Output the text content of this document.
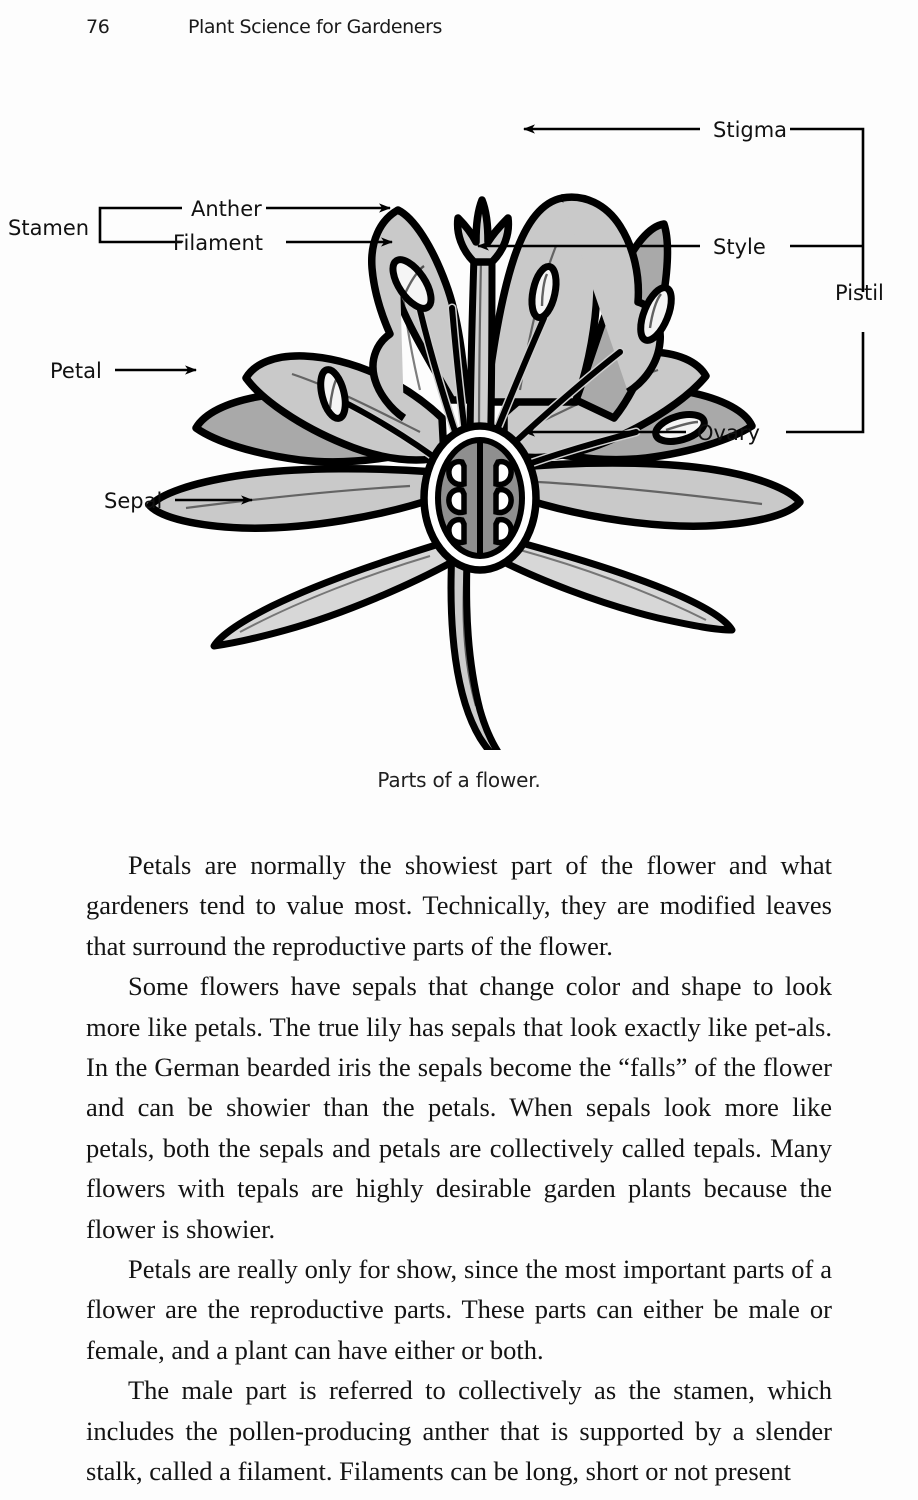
76	Plant Science for Gardeners
Stamen
Anther
Filament
Stigma
Style
Ovary
Pistil
Petal
Sepal
Parts of a flower.

Petals are normally the showiest part of the flower and what gardeners tend to value most. Technically, they are modified leaves that surround the reproductive parts of the flower.

Some flowers have sepals that change color and shape to look more like petals. The true lily has sepals that look exactly like pet-als. In the German bearded iris the sepals become the “falls” of the flower and can be showier than the petals. When sepals look more like petals, both the sepals and petals are collectively called tepals. Many flowers with tepals are highly desirable garden plants because the flower is showier.

Petals are really only for show, since the most important parts of a flower are the reproductive parts. These parts can either be male or female, and a plant can have either or both.

The male part is referred to collectively as the stamen, which includes the pollen-producing anther that is supported by a slender stalk, called a filament. Filaments can be long, short or not present
